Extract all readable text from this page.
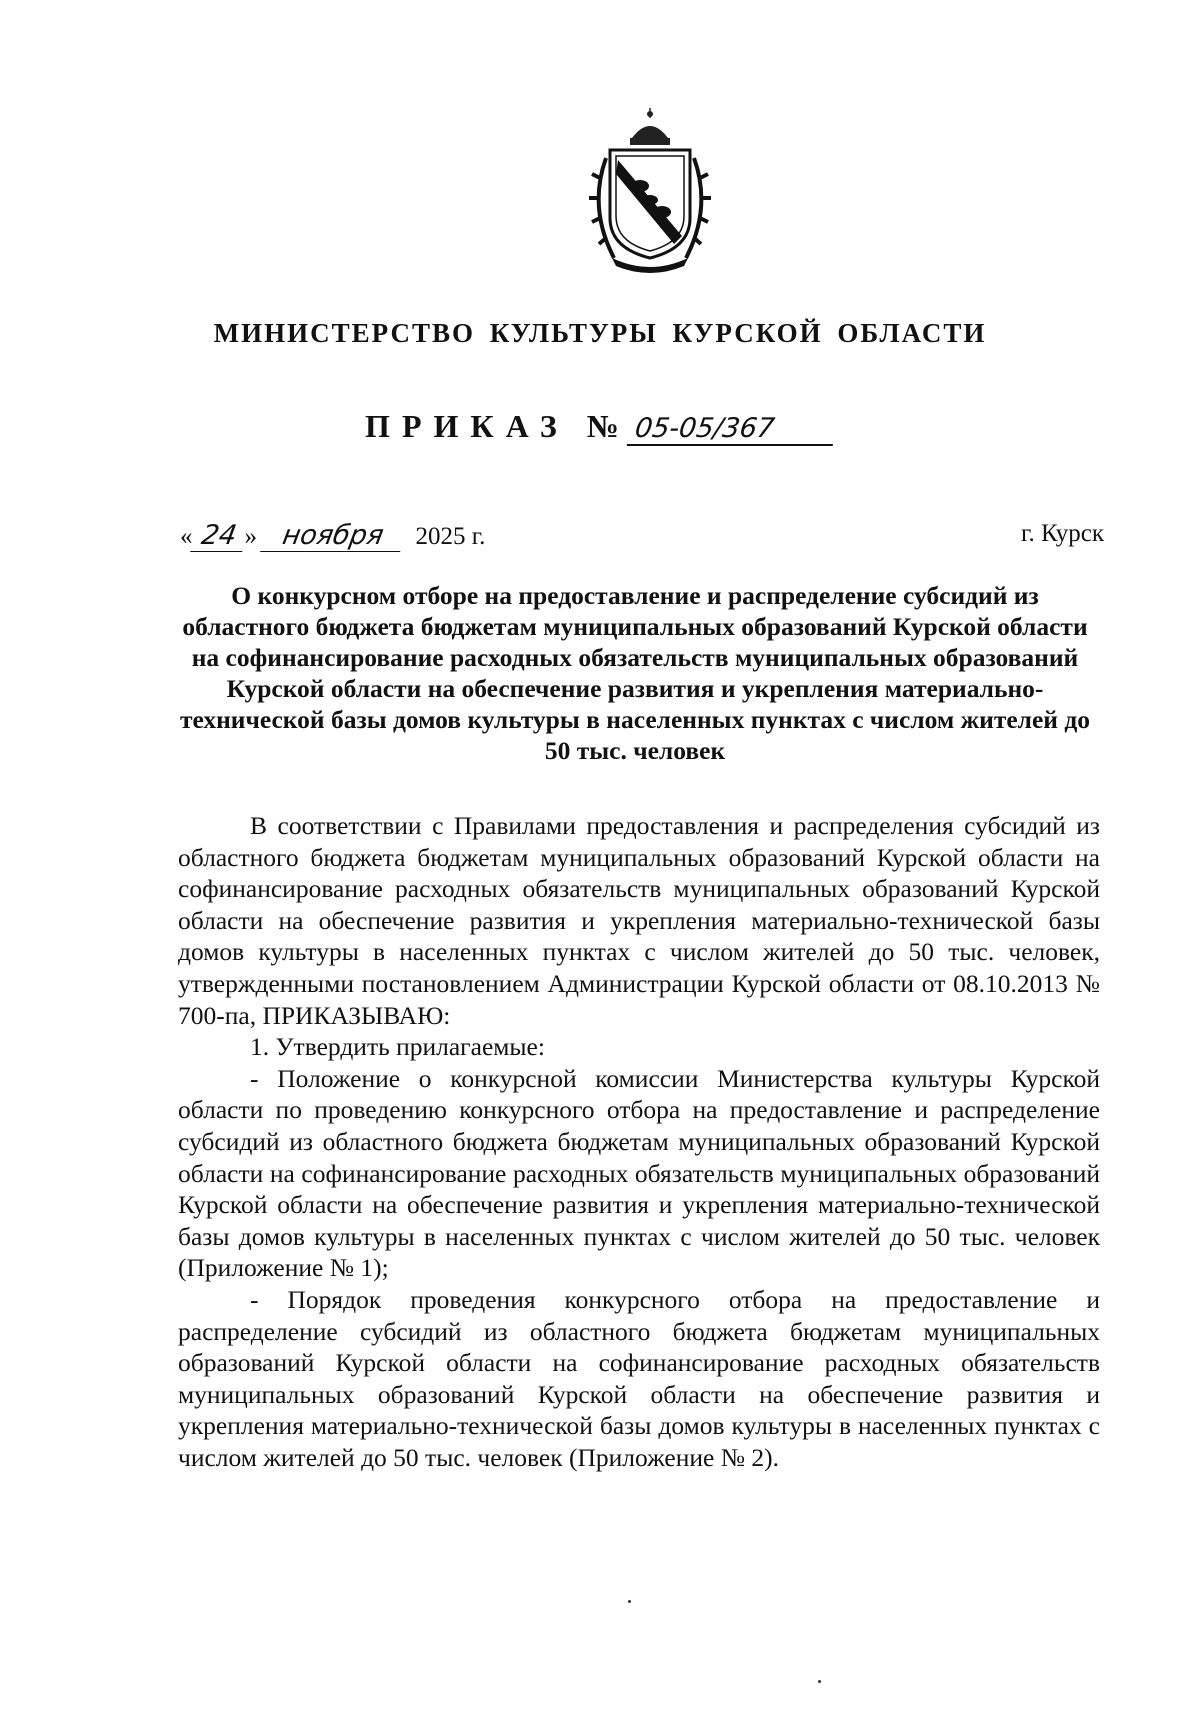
МИНИСТЕРСТВО КУЛЬТУРЫ КУРСКОЙ ОБЛАСТИ
ПРИКАЗ № 05-05/367
« 24 » ноября 2025 г.	г. Курск
О конкурсном отборе на предоставление и распределение субсидий из областного бюджета бюджетам муниципальных образований Курской области на софинансирование расходных обязательств муниципальных образований Курской области на обеспечение развития и укрепления материально-технической базы домов культуры в населенных пунктах с числом жителей до 50 тыс. человек

В соответствии с Правилами предоставления и распределения субсидий из областного бюджета бюджетам муниципальных образований Курской области на софинансирование расходных обязательств муниципальных образований Курской области на обеспечение развития и укрепления материально-технической базы домов культуры в населенных пунктах с числом жителей до 50 тыс. человек, утвержденными постановлением Администрации Курской области от 08.10.2013 № 700-па, ПРИКАЗЫВАЮ:

1. Утвердить прилагаемые:

- Положение о конкурсной комиссии Министерства культуры Курской области по проведению конкурсного отбора на предоставление и распределение субсидий из областного бюджета бюджетам муниципальных образований Курской области на софинансирование расходных обязательств муниципальных образований Курской области на обеспечение развития и укрепления материально-технической базы домов культуры в населенных пунктах с числом жителей до 50 тыс. человек (Приложение № 1);

- Порядок проведения конкурсного отбора на предоставление и распределение субсидий из областного бюджета бюджетам муниципальных образований Курской области на софинансирование расходных обязательств муниципальных образований Курской области на обеспечение развития и укрепления материально-технической базы домов культуры в населенных пунктах с числом жителей до 50 тыс. человек (Приложение № 2).
